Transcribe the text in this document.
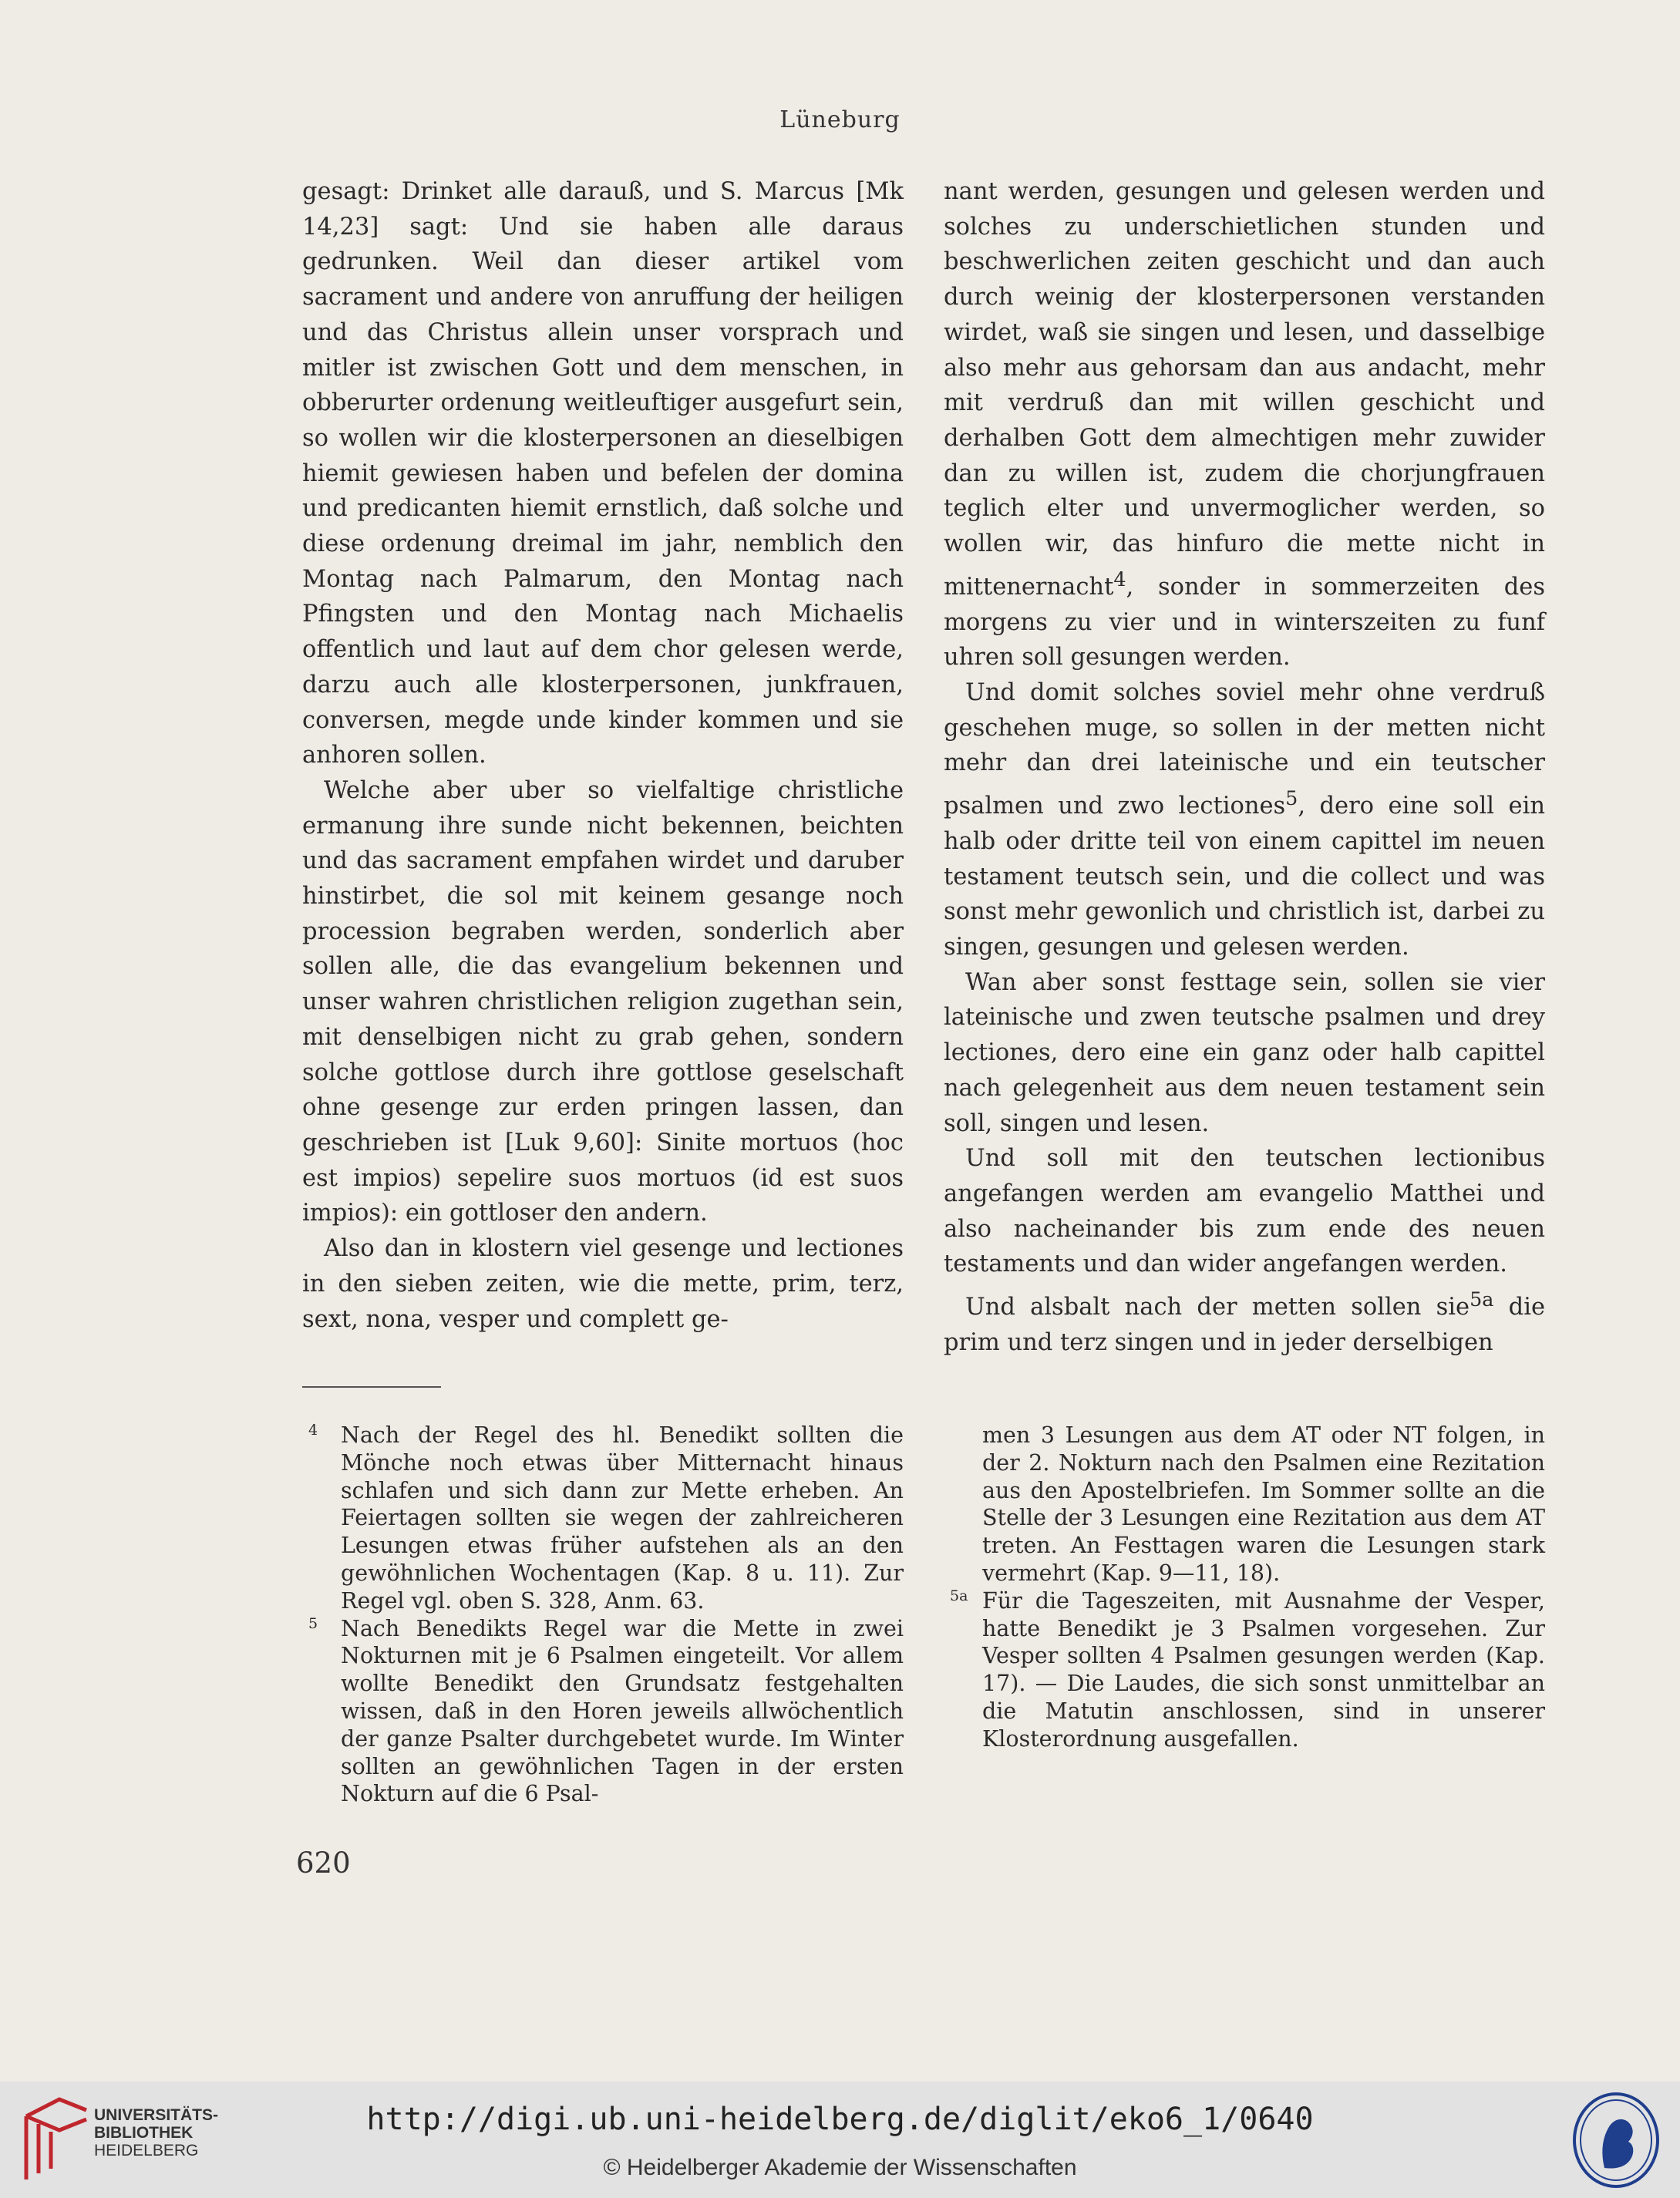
Lüneburg

gesagt: Drinket alle darauß, und S. Marcus [Mk 14,23] sagt: Und sie haben alle daraus gedrunken. Weil dan dieser artikel vom sacrament und andere von anruffung der heiligen und das Christus allein unser vorsprach und mitler ist zwischen Gott und dem menschen, in obberurter ordenung weitleuftiger ausgefurt sein, so wollen wir die klosterpersonen an dieselbigen hiemit gewiesen haben und befelen der domina und predicanten hiemit ernstlich, daß solche und diese ordenung dreimal im jahr, nemblich den Montag nach Palmarum, den Montag nach Pfingsten und den Montag nach Michaelis offentlich und laut auf dem chor gelesen werde, darzu auch alle klosterpersonen, junkfrauen, conversen, megde unde kinder kommen und sie anhoren sollen.

Welche aber uber so vielfaltige christliche ermanung ihre sunde nicht bekennen, beichten und das sacrament empfahen wirdet und daruber hinstirbet, die sol mit keinem gesange noch procession begraben werden, sonderlich aber sollen alle, die das evangelium bekennen und unser wahren christlichen religion zugethan sein, mit denselbigen nicht zu grab gehen, sondern solche gottlose durch ihre gottlose geselschaft ohne gesenge zur erden pringen lassen, dan geschrieben ist [Luk 9,60]: Sinite mortuos (hoc est impios) sepelire suos mortuos (id est suos impios): ein gottloser den andern.

Also dan in klostern viel gesenge und lectiones in den sieben zeiten, wie die mette, prim, terz, sext, nona, vesper und complett ge-

nant werden, gesungen und gelesen werden und solches zu underschietlichen stunden und beschwerlichen zeiten geschicht und dan auch durch weinig der klosterpersonen verstanden wirdet, waß sie singen und lesen, und dasselbige also mehr aus gehorsam dan aus andacht, mehr mit verdruß dan mit willen geschicht und derhalben Gott dem almechtigen mehr zuwider dan zu willen ist, zudem die chorjungfrauen teglich elter und unvermoglicher werden, so wollen wir, das hinfuro die mette nicht in mittenernacht$^4$, sonder in sommerzeiten des morgens zu vier und in winterszeiten zu funf uhren soll gesungen werden.

Und domit solches soviel mehr ohne verdruß geschehen muge, so sollen in der metten nicht mehr dan drei lateinische und ein teutscher psalmen und zwo lectiones$^5$, dero eine soll ein halb oder dritte teil von einem capittel im neuen testament teutsch sein, und die collect und was sonst mehr gewonlich und christlich ist, darbei zu singen, gesungen und gelesen werden.

Wan aber sonst festtage sein, sollen sie vier lateinische und zwen teutsche psalmen und drey lectiones, dero eine ein ganz oder halb capittel nach gelegenheit aus dem neuen testament sein soll, singen und lesen.

Und soll mit den teutschen lectionibus angefangen werden am evangelio Matthei und also nacheinander bis zum ende des neuen testaments und dan wider angefangen werden.

Und alsbalt nach der metten sollen sie$^{5a}$ die prim und terz singen und in jeder derselbigen

4 Nach der Regel des hl. Benedikt sollten die Mönche noch etwas über Mitternacht hinaus schlafen und sich dann zur Mette erheben. An Feiertagen sollten sie wegen der zahlreicheren Lesungen etwas früher aufstehen als an den gewöhnlichen Wochentagen (Kap. 8 u. 11). Zur Regel vgl. oben S. 328, Anm. 63.
5 Nach Benedikts Regel war die Mette in zwei Nokturnen mit je 6 Psalmen eingeteilt. Vor allem wollte Benedikt den Grundsatz festgehalten wissen, daß in den Horen jeweils allwöchentlich der ganze Psalter durchgebetet wurde. Im Winter sollten an gewöhnlichen Tagen in der ersten Nokturn auf die 6 Psal-
men 3 Lesungen aus dem AT oder NT folgen, in der 2. Nokturn nach den Psalmen eine Rezitation aus den Apostelbriefen. Im Sommer sollte an die Stelle der 3 Lesungen eine Rezitation aus dem AT treten. An Festtagen waren die Lesungen stark vermehrt (Kap. 9—11, 18).
5a Für die Tageszeiten, mit Ausnahme der Vesper, hatte Benedikt je 3 Psalmen vorgesehen. Zur Vesper sollten 4 Psalmen gesungen werden (Kap. 17). — Die Laudes, die sich sonst unmittelbar an die Matutin anschlossen, sind in unserer Klosterordnung ausgefallen.
620
UNIVERSITÄTS-
BIBLIOTHEK
HEIDELBERG
http://digi.ub.uni-heidelberg.de/diglit/eko6_1/0640
© Heidelberger Akademie der Wissenschaften
